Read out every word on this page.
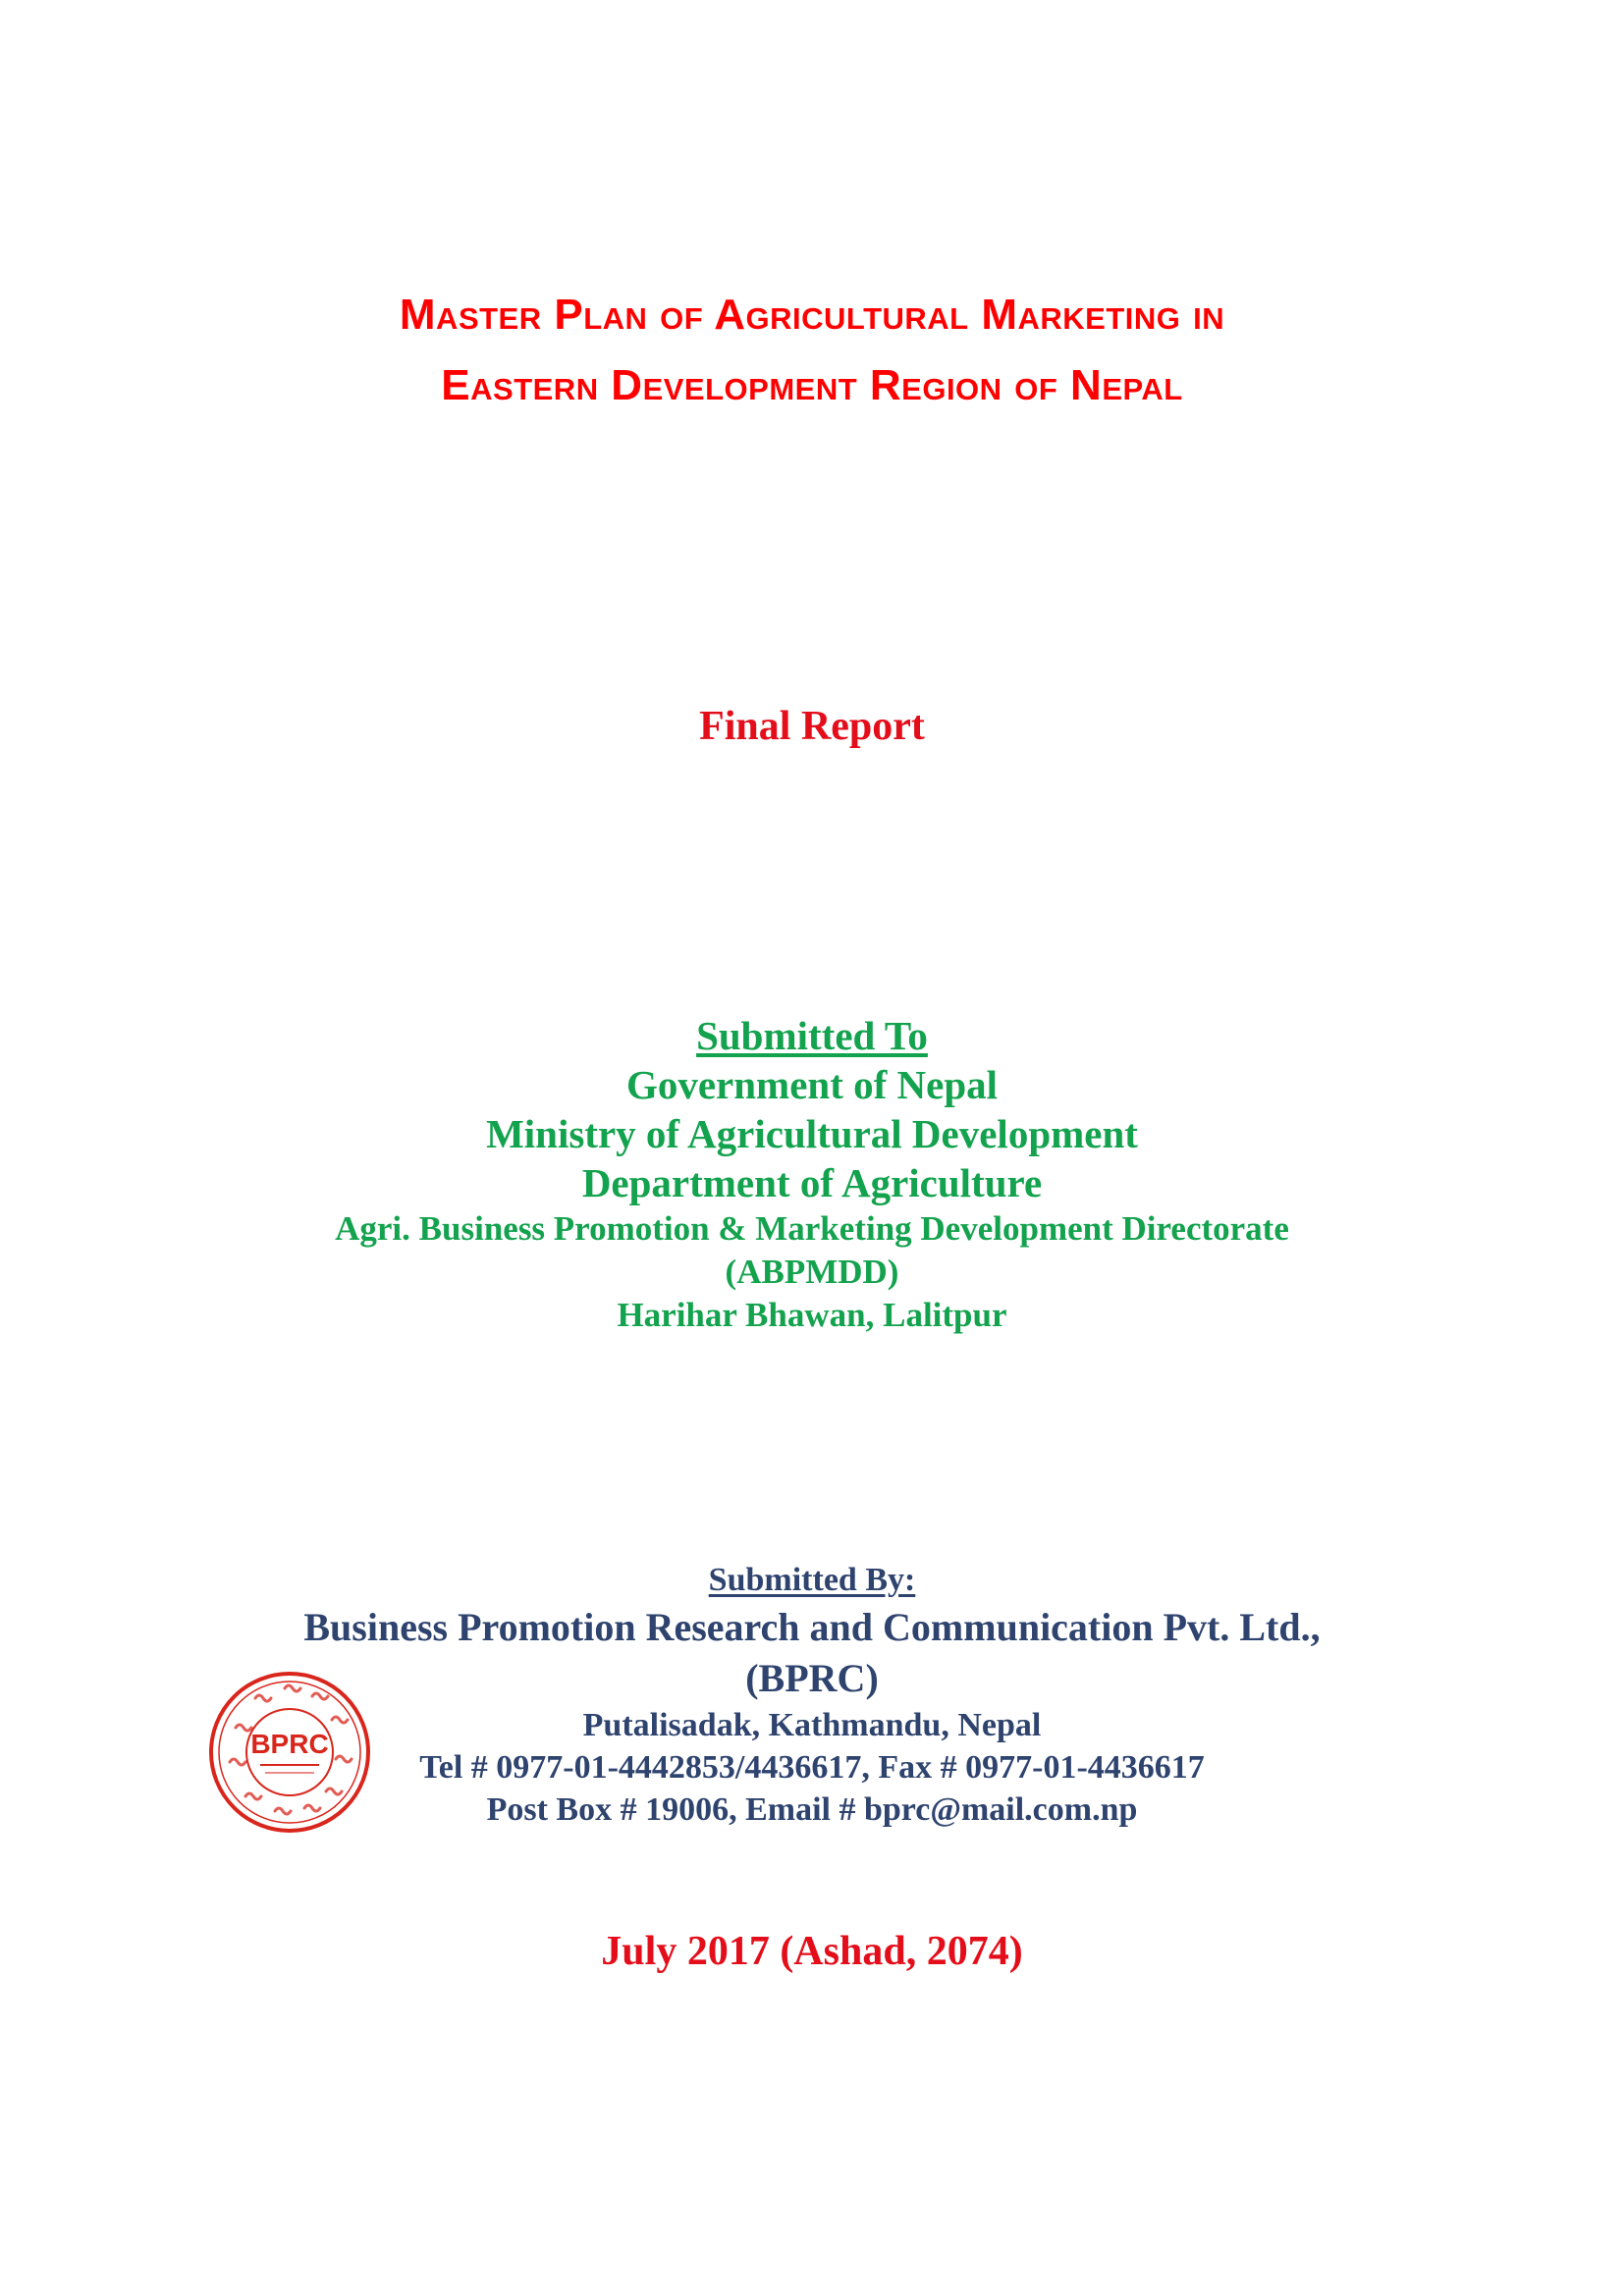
Master Plan of Agricultural Marketing in
Eastern Development Region of Nepal
Final Report
Submitted To
Government of Nepal
Ministry of Agricultural Development
Department of Agriculture
Agri. Business Promotion & Marketing Development Directorate
(ABPMDD)
Harihar Bhawan, Lalitpur
Submitted By:
Business Promotion Research and Communication Pvt. Ltd.,
(BPRC)
Putalisadak, Kathmandu, Nepal
Tel # 0977-01-4442853/4436617, Fax # 0977-01-4436617
Post Box # 19006, Email # bprc@mail.com.np
BPRC
July 2017 (Ashad, 2074)
